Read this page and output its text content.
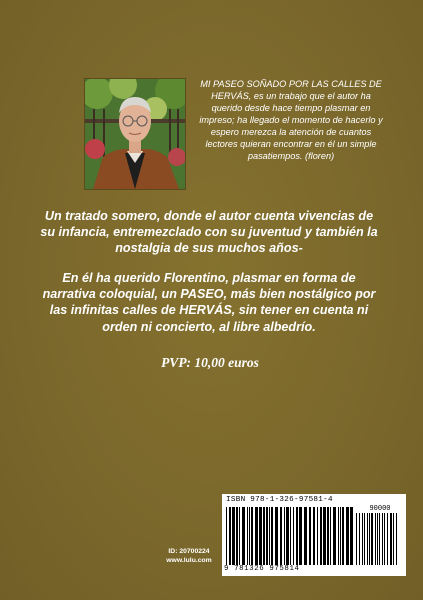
MI PASEO SOÑADO POR LAS CALLES DE HERVÁS, es un trabajo que el autor ha querido desde hace tiempo plasmar en impreso; ha llegado el momento de hacerlo y espero merezca la atención de cuantos lectores quieran encontrar en él un simple pasatiempos. (floren)
Un tratado somero, donde el autor cuenta vivencias de su infancia, entremezclado con su juventud y también la nostalgia de sus muchos años-
En él ha querido Florentino, plasmar en forma de narrativa coloquial, un PASEO, más bien nostálgico por las infinitas calles de HERVÁS, sin tener en cuenta ni orden ni concierto, al libre albedrío.
PVP: 10,00 euros
ID: 20700224
www.lulu.com
ISBN 978-1-326-97581-4
90000
9 781326 975814
